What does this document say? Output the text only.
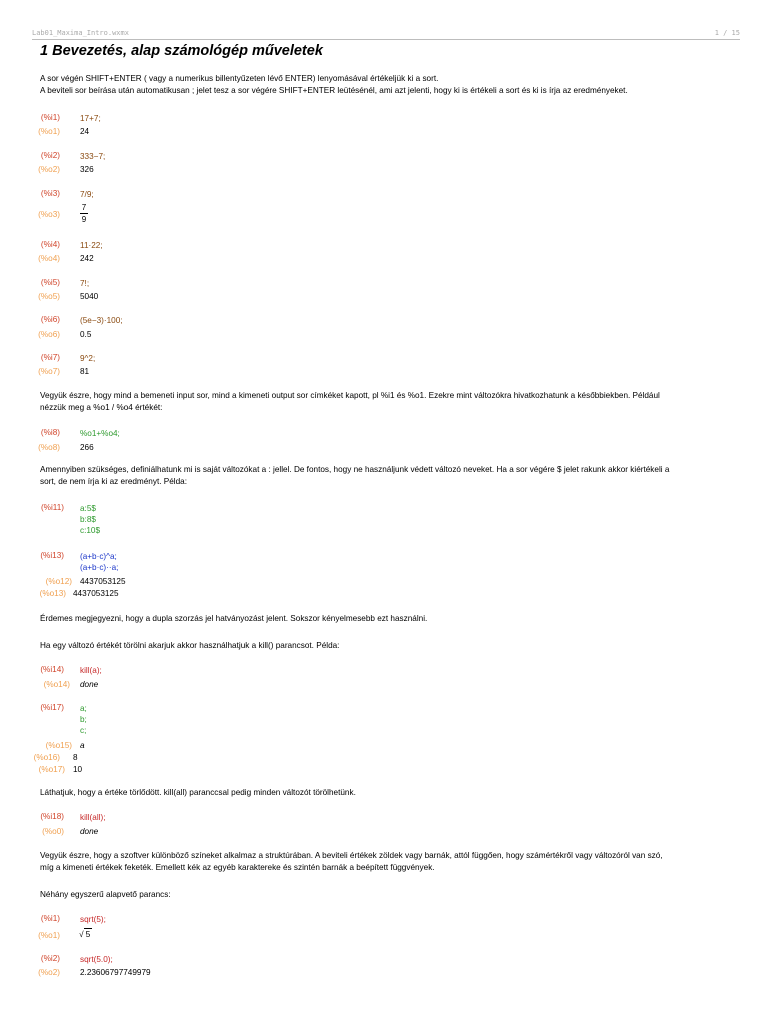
Lab01_Maxima_Intro.wxmx	1 / 15
1 Bevezetés, alap számológép műveletek
A sor végén SHIFT+ENTER ( vagy a numerikus billentyűzeten lévő ENTER) lenyomásával értékeljük ki a sort.
A beviteli sor beírása után automatikusan ; jelet tesz a sor végére SHIFT+ENTER leütésénél, ami azt jelenti, hogy ki is értékeli a sort és ki is írja az eredményeket.
(%i1) 17+7;
(%o1) 24
(%i2) 333−7;
(%o2) 326
(%i3) 7/9;
(%o3)
7
9
(%i4) 11·22;
(%o4) 242
(%i5) 7!;
(%o5) 5040
(%i6) (5e−3)·100;
(%o6) 0.5
(%i7) 9^2;
(%o7) 81
Vegyük észre, hogy mind a bemeneti input sor, mind a kimeneti output sor címkéket kapott, pl %i1 és %o1. Ezekre mint változókra hivatkozhatunk a későbbiekben. Például
nézzük meg a %o1 / %o4 értékét:
(%i8) %o1+%o4;
(%o8) 266
Amennyiben szükséges, definiálhatunk mi is saját változókat a : jellel. De fontos, hogy ne használjunk védett változó neveket. Ha a sor végére $ jelet rakunk akkor kiértékeli a
sort, de nem írja ki az eredményt. Példa:
(%i11) a:5$
b:8$
c:10$
(%i13) (a+b·c)^a;
(a+b·c)··a;
(%o12) 4437053125
(%o13) 4437053125
Érdemes megjegyezni, hogy a dupla szorzás jel hatványozást jelent. Sokszor kényelmesebb ezt használni.
Ha egy változó értékét törölni akarjuk akkor használhatjuk a kill() parancsot. Példa:
(%i14) kill(a);
(%o14) done
(%i17) a;
b;
c;
(%o15) a
(%o16) 8
(%o17) 10
Láthatjuk, hogy a értéke törlődött. kill(all) paranccsal pedig minden változót törölhetünk.
(%i18) kill(all);
(%o0) done
Vegyük észre, hogy a szoftver különböző színeket alkalmaz a struktúrában. A beviteli értékek zöldek vagy barnák, attól függően, hogy számértékről vagy változóról van szó,
míg a kimeneti értékek feketék. Emellett kék az egyéb karaktereke és szintén barnák a beépített függvények.
Néhány egyszerű alapvető parancs:
(%i1) sqrt(5);
(%o1) √ 5
(%i2) sqrt(5.0);
(%o2) 2.23606797749979
